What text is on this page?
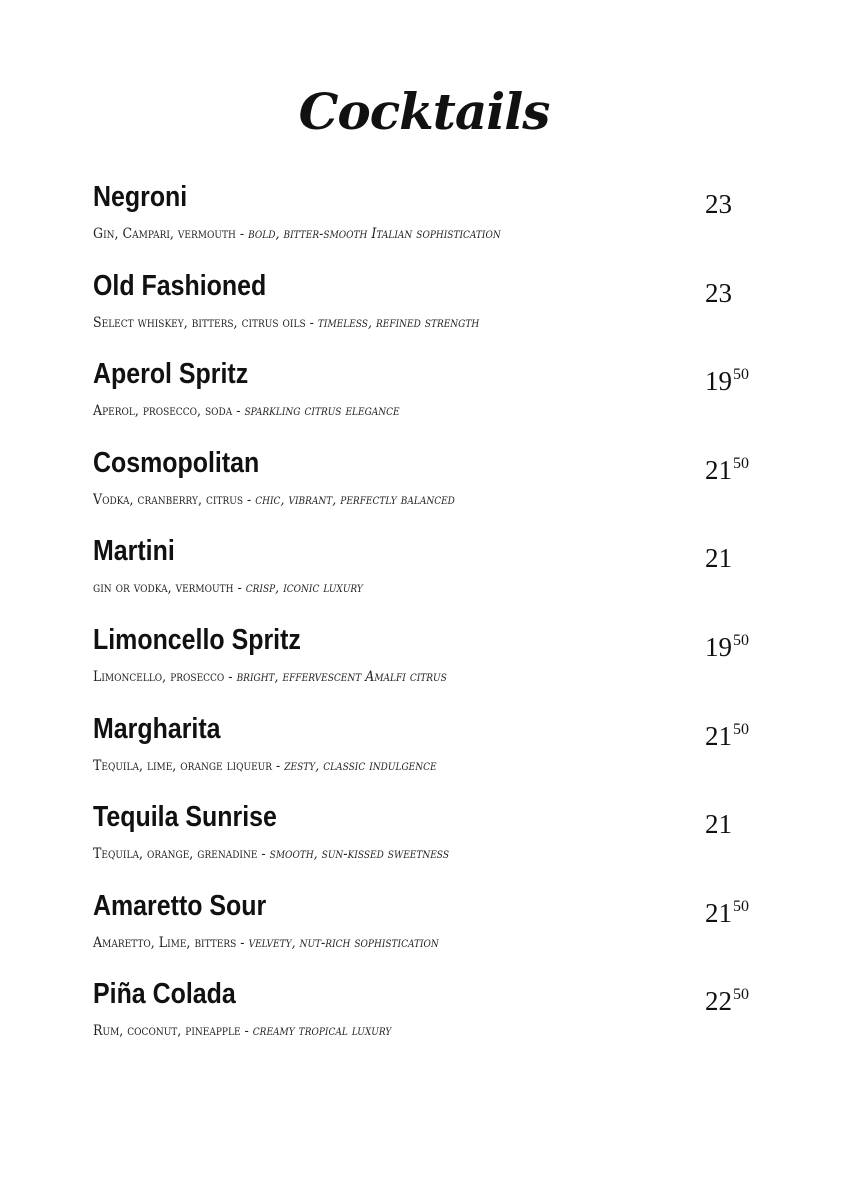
Cocktails
Negroni	23
Gin, Campari, vermouth - bold, bitter-smooth Italian sophistication
Old Fashioned	23
Select whiskey, bitters, citrus oils - timeless, refined strength
Aperol Spritz	$19^{50}$
Aperol, prosecco, soda - sparkling citrus elegance
Cosmopolitan	$21^{50}$
Vodka, cranberry, citrus - chic, vibrant, perfectly balanced
Martini	21
gin or vodka, vermouth - crisp, iconic luxury
Limoncello Spritz	$19^{50}$
Limoncello, prosecco - bright, effervescent Amalfi citrus
Margharita	$21^{50}$
Tequila, lime, orange liqueur - zesty, classic indulgence
Tequila Sunrise	21
Tequila, orange, grenadine - smooth, sun-kissed sweetness
Amaretto Sour	$21^{50}$
Amaretto, Lime, bitters - velvety, nut-rich sophistication
Piña Colada	$22^{50}$
Rum, coconut, pineapple - creamy tropical luxury
